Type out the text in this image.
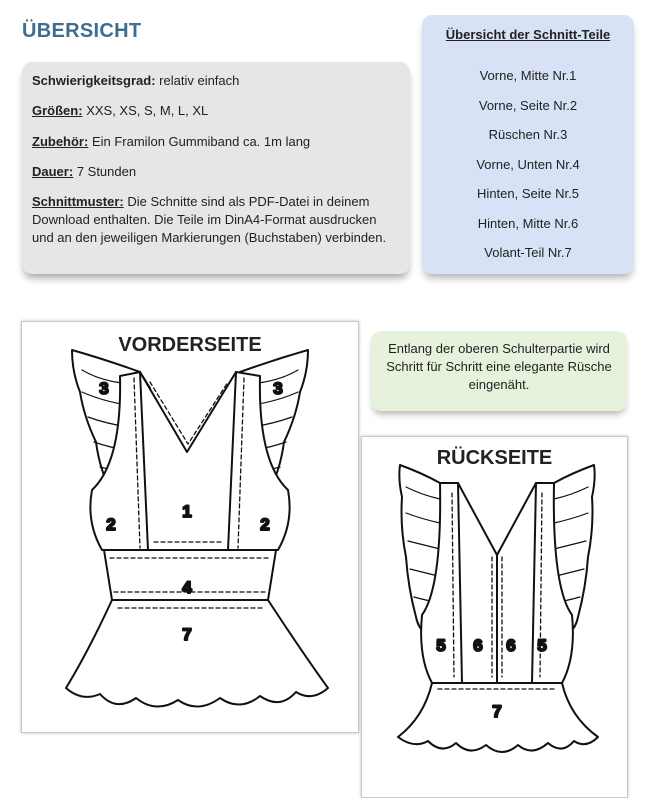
ÜBERSICHT

Schwierigkeitsgrad: relativ einfach

Größen: XXS, XS, S, M, L, XL

Zubehör: Ein Framilon Gummiband ca. 1m lang

Dauer: 7 Stunden

Schnittmuster: Die Schnitte sind als PDF-Datei in deinem Download enthalten. Die Teile im DinA4-Format ausdrucken und an den jeweiligen Markierungen (Buchstaben) verbinden.

Übersicht der Schnitt-Teile
Vorne, Mitte Nr.1
Vorne, Seite Nr.2
Rüschen Nr.3
Vorne, Unten Nr.4
Hinten, Seite Nr.5
Hinten, Mitte Nr.6
Volant-Teil Nr.7
Entlang der oberen Schulterpartie wird Schritt für Schritt eine elegante Rüsche eingenäht.
VORDERSEITE
3	3
1
2	2
4
7
RÜCKSEITE
5 6 6 5
7
